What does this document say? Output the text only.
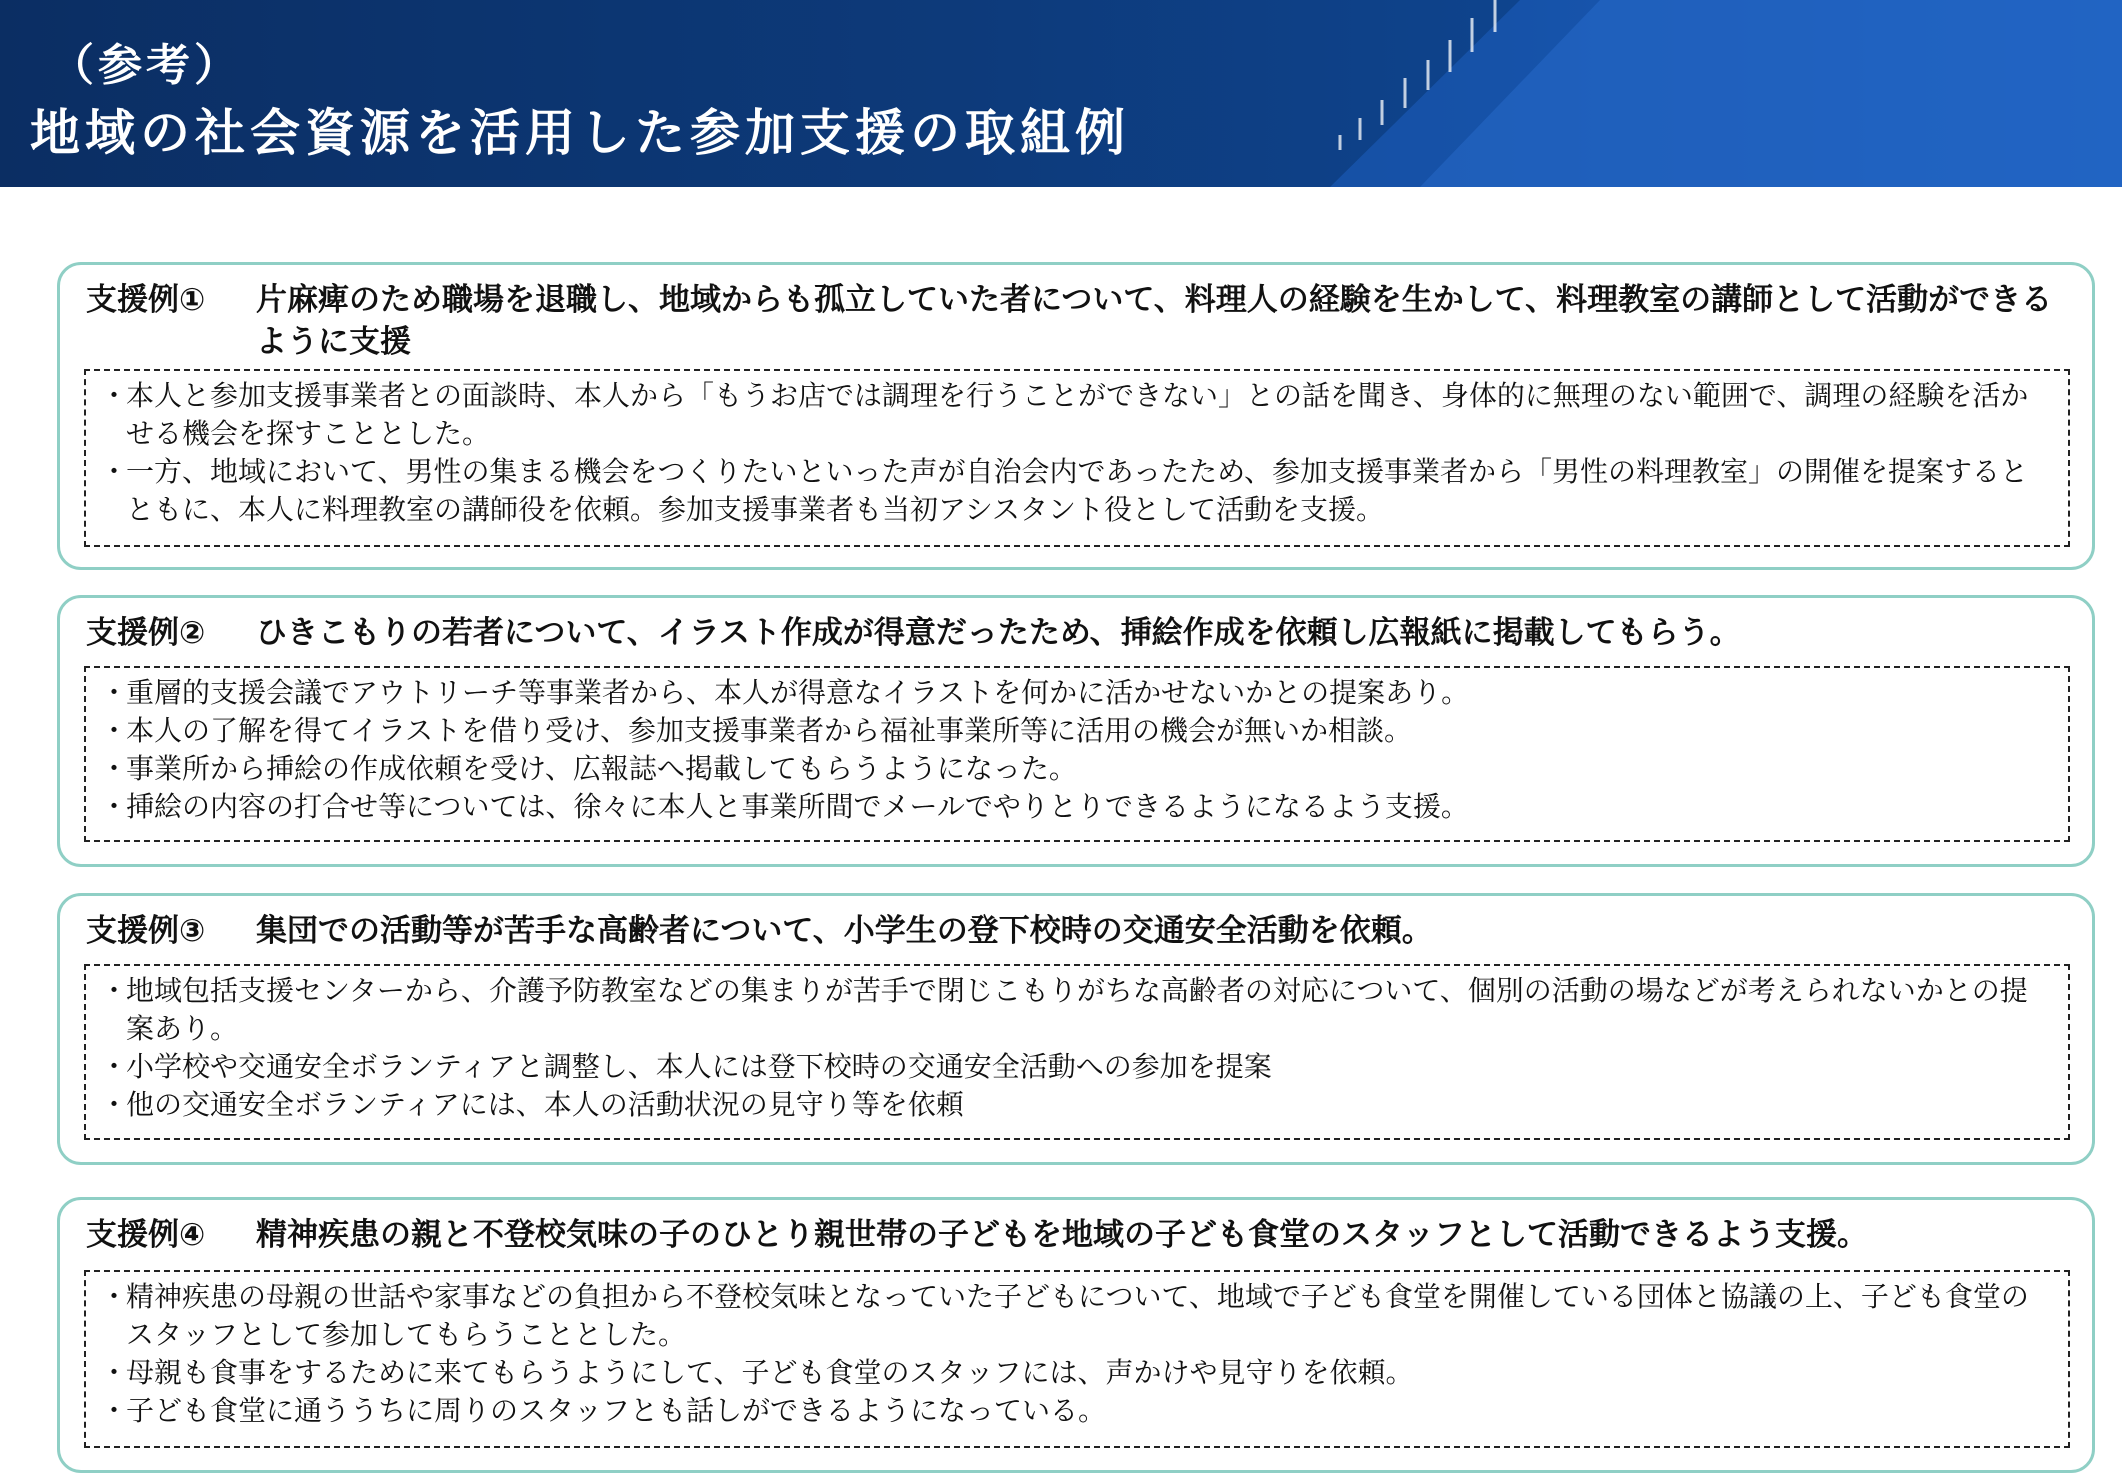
（参考）
地域の社会資源を活用した参加支援の取組例
支援例① 片麻痺のため職場を退職し、地域からも孤立していた者について、料理人の経験を生かして、料理教室の講師として活動ができるように支援
・ 本人と参加支援事業者との面談時、本人から「もうお店では調理を行うことができない」との話を聞き、身体的に無理のない範囲で、調理の経験を活かせる機会を探すこととした。
・ 一方、地域において、男性の集まる機会をつくりたいといった声が自治会内であったため、参加支援事業者から「男性の料理教室」の開催を提案するとともに、本人に料理教室の講師役を依頼。参加支援事業者も当初アシスタント役として活動を支援。
支援例② ひきこもりの若者について、イラスト作成が得意だったため、挿絵作成を依頼し広報紙に掲載してもらう。
・ 重層的支援会議でアウトリーチ等事業者から、本人が得意なイラストを何かに活かせないかとの提案あり。
・ 本人の了解を得てイラストを借り受け、参加支援事業者から福祉事業所等に活用の機会が無いか相談。
・ 事業所から挿絵の作成依頼を受け、広報誌へ掲載してもらうようになった。
・ 挿絵の内容の打合せ等については、徐々に本人と事業所間でメールでやりとりできるようになるよう支援。
支援例③ 集団での活動等が苦手な高齢者について、小学生の登下校時の交通安全活動を依頼。
・ 地域包括支援センターから、介護予防教室などの集まりが苦手で閉じこもりがちな高齢者の対応について、個別の活動の場などが考えられないかとの提案あり。
・ 小学校や交通安全ボランティアと調整し、本人には登下校時の交通安全活動への参加を提案
・ 他の交通安全ボランティアには、本人の活動状況の見守り等を依頼
支援例④ 精神疾患の親と不登校気味の子のひとり親世帯の子どもを地域の子ども食堂のスタッフとして活動できるよう支援。
・ 精神疾患の母親の世話や家事などの負担から不登校気味となっていた子どもについて、地域で子ども食堂を開催している団体と協議の上、子ども食堂のスタッフとして参加してもらうこととした。
・ 母親も食事をするために来てもらうようにして、子ども食堂のスタッフには、声かけや見守りを依頼。
・ 子ども食堂に通ううちに周りのスタッフとも話しができるようになっている。
